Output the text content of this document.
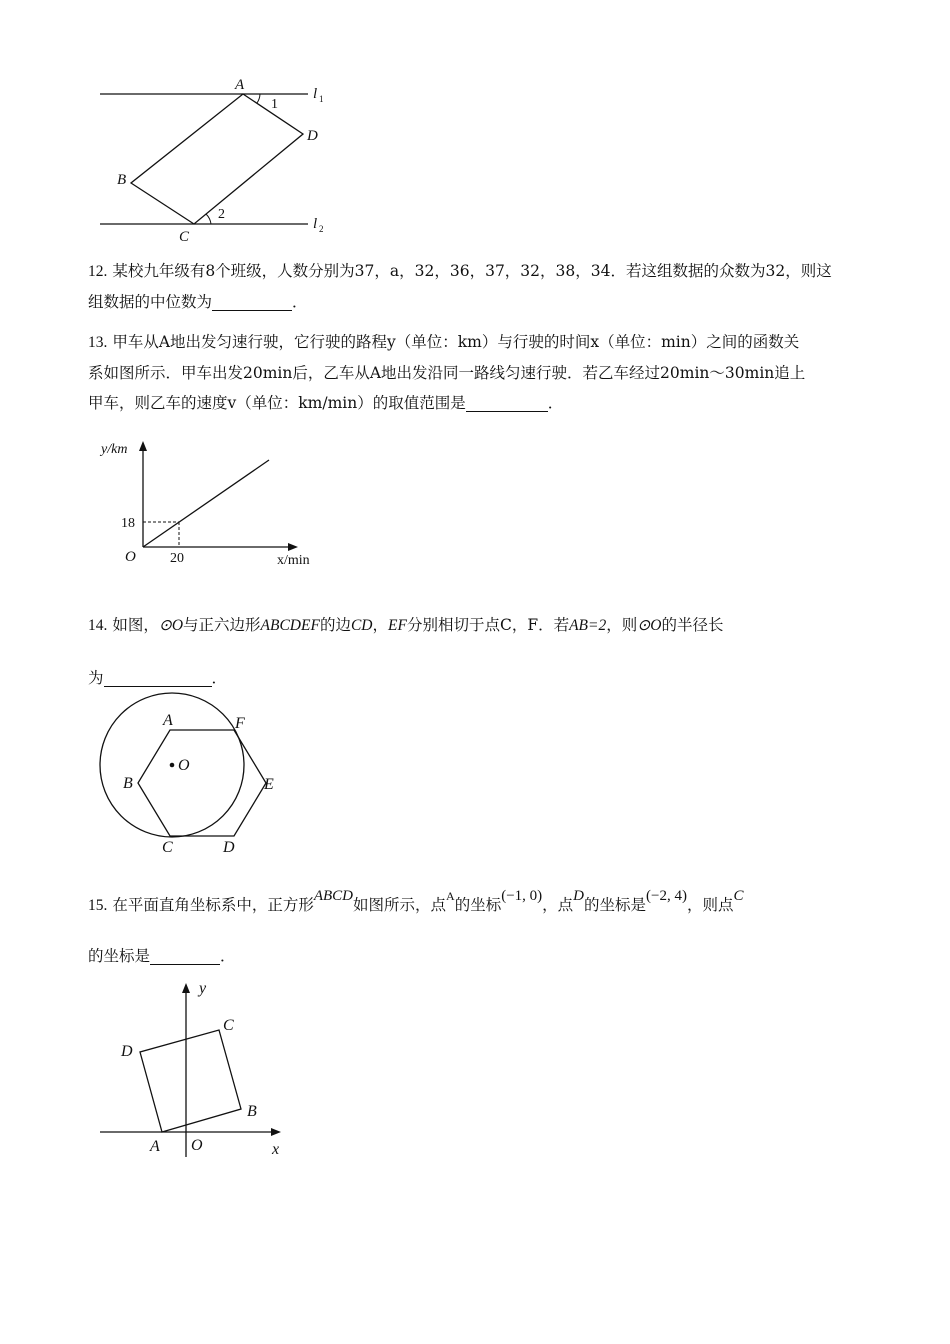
A
D
B
C
1
2
l 1
l 2
12. 某校九年级有8个班级，人数分别为37，a，32，36，37，32，38，34．若这组数据的众数为32，则这
组数据的中位数为	．
13. 甲车从A地出发匀速行驶，它行驶的路程y（单位：km）与行驶的时间x（单位：min）之间的函数关
系如图所示．甲车出发20min后，乙车从A地出发沿同一路线匀速行驶．若乙车经过20min～30min追上
甲车，则乙车的速度v（单位：km/min）的取值范围是	．
y/km
x/min
O
18
20
14. 如图，⊙O与正六边形ABCDEF的边CD，EF分别相切于点C，F．若AB=2，则⊙O的半径长
为	．
O
A	F
B	E
C	D
15. 在平面直角坐标系中，正方形ABCD如图所示，点$^A$的坐标(−1, 0)，点D的坐标是(−2, 4)，则点C
的坐标是	．
y
x
O
A
B
C
D
